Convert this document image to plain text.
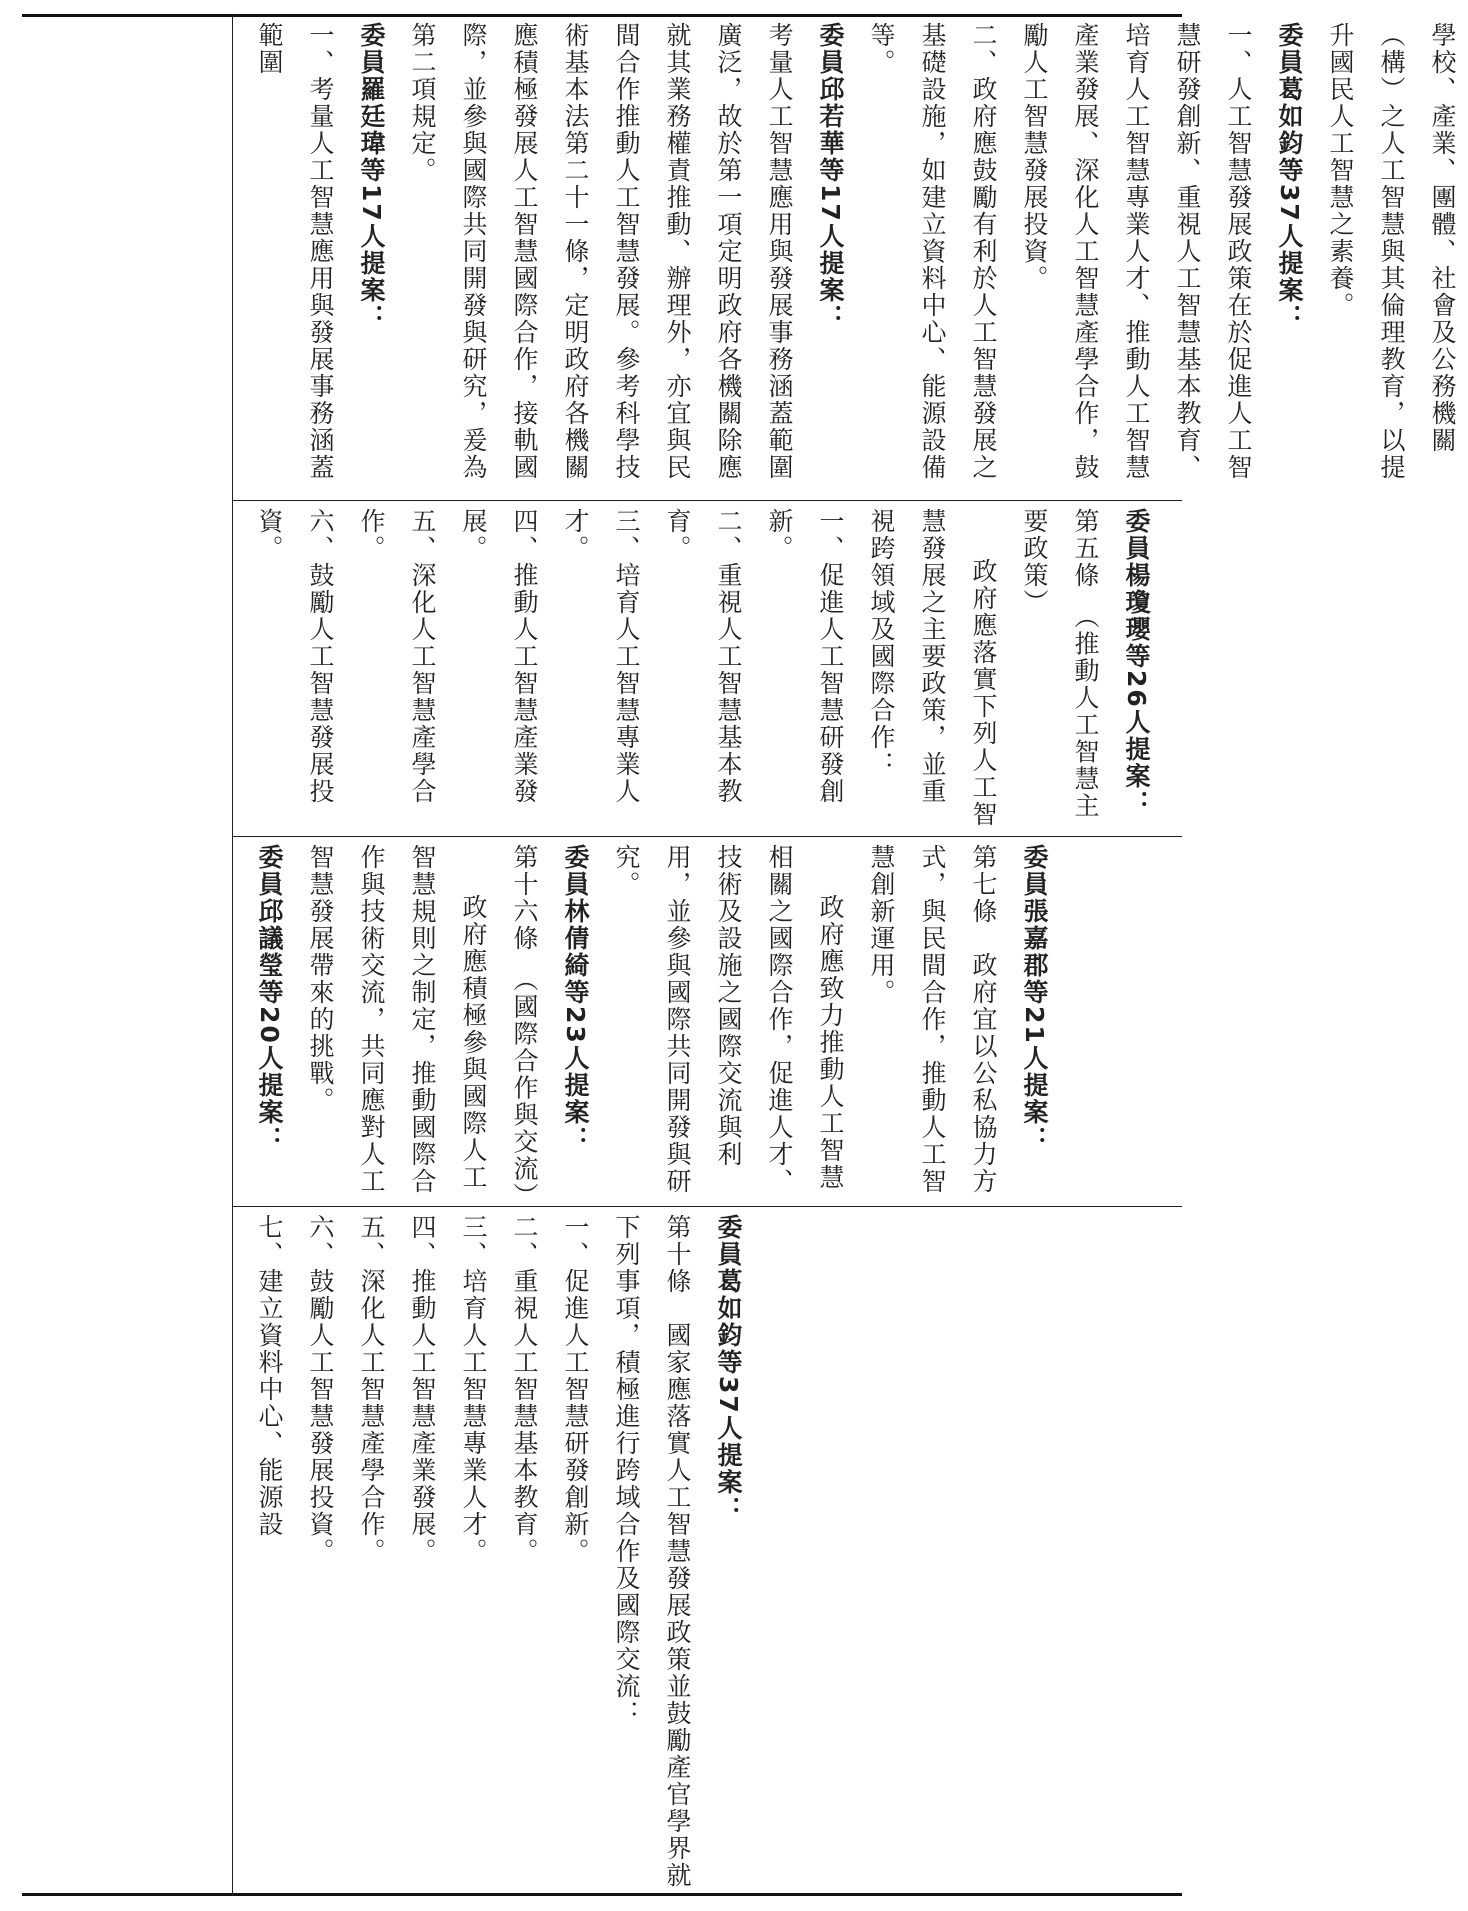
學校、產業、團體、社會及公務機關（構）之人工智慧與其倫理教育，以提升國民人工智慧之素養。

委員葛如鈞等37人提案：

一、人工智慧發展政策在於促進人工智慧研發創新、重視人工智慧基本教育、培育人工智慧專業人才、推動人工智慧產業發展、深化人工智慧產學合作，鼓勵人工智慧發展投資。

二、政府應鼓勵有利於人工智慧發展之基礎設施，如建立資料中心、能源設備等。

委員邱若華等17人提案：

考量人工智慧應用與發展事務涵蓋範圍廣泛，故於第一項定明政府各機關除應就其業務權責推動、辦理外，亦宜與民間合作推動人工智慧發展。參考科學技術基本法第二十一條，定明政府各機關應積極發展人工智慧國際合作，接軌國際，並參與國際共同開發與研究，爰為第二項規定。

委員羅廷瑋等17人提案：

一、考量人工智慧應用與發展事務涵蓋範圍

委員楊瓊瓔等26人提案：

第五條　（推動人工智慧主要政策）

政府應落實下列人工智慧發展之主要政策，並重視跨領域及國際合作：

一、促進人工智慧研發創新。

二、重視人工智慧基本教育。

三、培育人工智慧專業人才。

四、推動人工智慧產業發展。

五、深化人工智慧產學合作。

六、鼓勵人工智慧發展投資。

委員張嘉郡等21人提案：

第七條　政府宜以公私協力方式，與民間合作，推動人工智慧創新運用。

政府應致力推動人工智慧相關之國際合作，促進人才、技術及設施之國際交流與利用，並參與國際共同開發與研究。

委員林倩綺等23人提案：

第十六條　（國際合作與交流）

政府應積極參與國際人工智慧規則之制定，推動國際合作與技術交流，共同應對人工智慧發展帶來的挑戰。

委員邱議瑩等20人提案：

委員葛如鈞等37人提案：

第十條　國家應落實人工智慧發展政策並鼓勵產官學界就下列事項，積極進行跨域合作及國際交流：

一、促進人工智慧研發創新。

二、重視人工智慧基本教育。

三、培育人工智慧專業人才。

四、推動人工智慧產業發展。

五、深化人工智慧產學合作。

六、鼓勵人工智慧發展投資。

七、建立資料中心、能源設
